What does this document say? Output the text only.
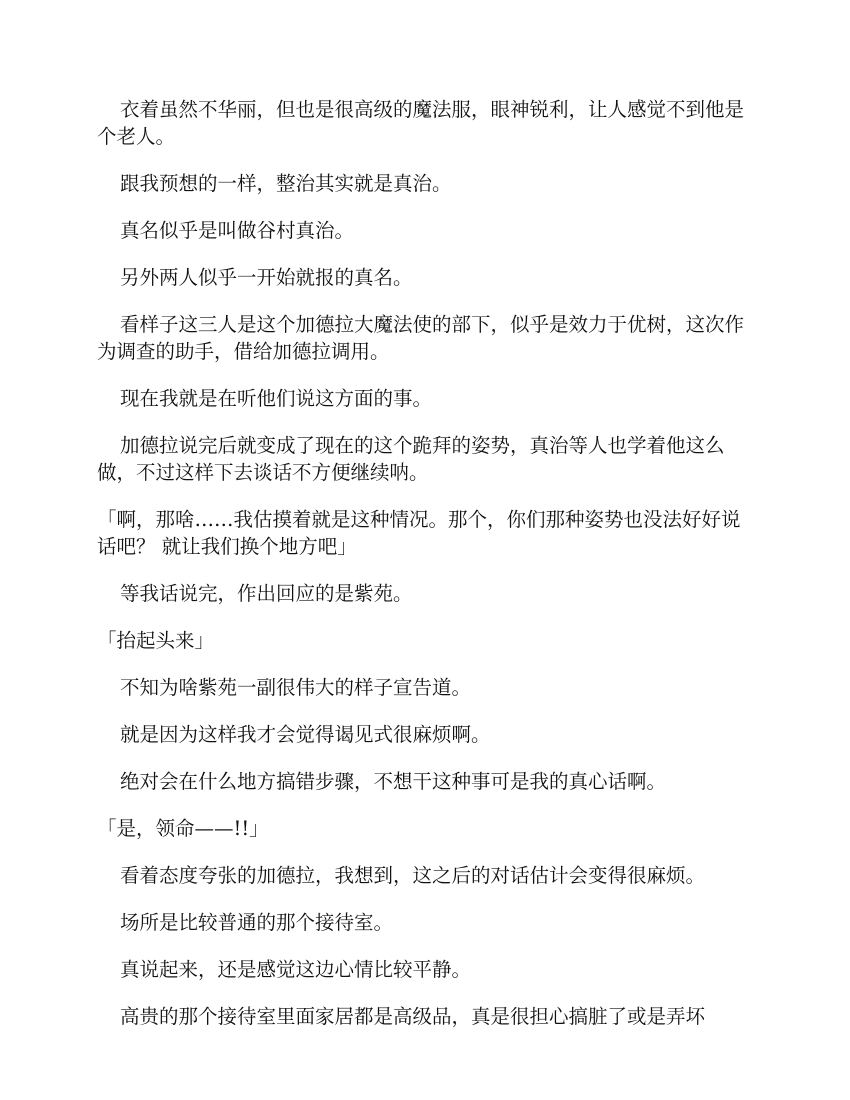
衣着虽然不华丽，但也是很高级的魔法服，眼神锐利，让人感觉不到他是个老人。

跟我预想的一样，整治其实就是真治。

真名似乎是叫做谷村真治。

另外两人似乎一开始就报的真名。

看样子这三人是这个加德拉大魔法使的部下，似乎是效力于优树，这次作为调查的助手，借给加德拉调用。

现在我就是在听他们说这方面的事。

加德拉说完后就变成了现在的这个跪拜的姿势，真治等人也学着他这么做，不过这样下去谈话不方便继续呐。

「啊，那啥……我估摸着就是这种情况。那个，你们那种姿势也没法好好说话吧？ 就让我们换个地方吧」

等我话说完，作出回应的是紫苑。

「抬起头来」

不知为啥紫苑一副很伟大的样子宣告道。

就是因为这样我才会觉得谒见式很麻烦啊。

绝对会在什么地方搞错步骤，不想干这种事可是我的真心话啊。

「是，领命——!!」

看着态度夸张的加德拉，我想到，这之后的对话估计会变得很麻烦。

场所是比较普通的那个接待室。

真说起来，还是感觉这边心情比较平静。

高贵的那个接待室里面家居都是高级品，真是很担心搞脏了或是弄坏
